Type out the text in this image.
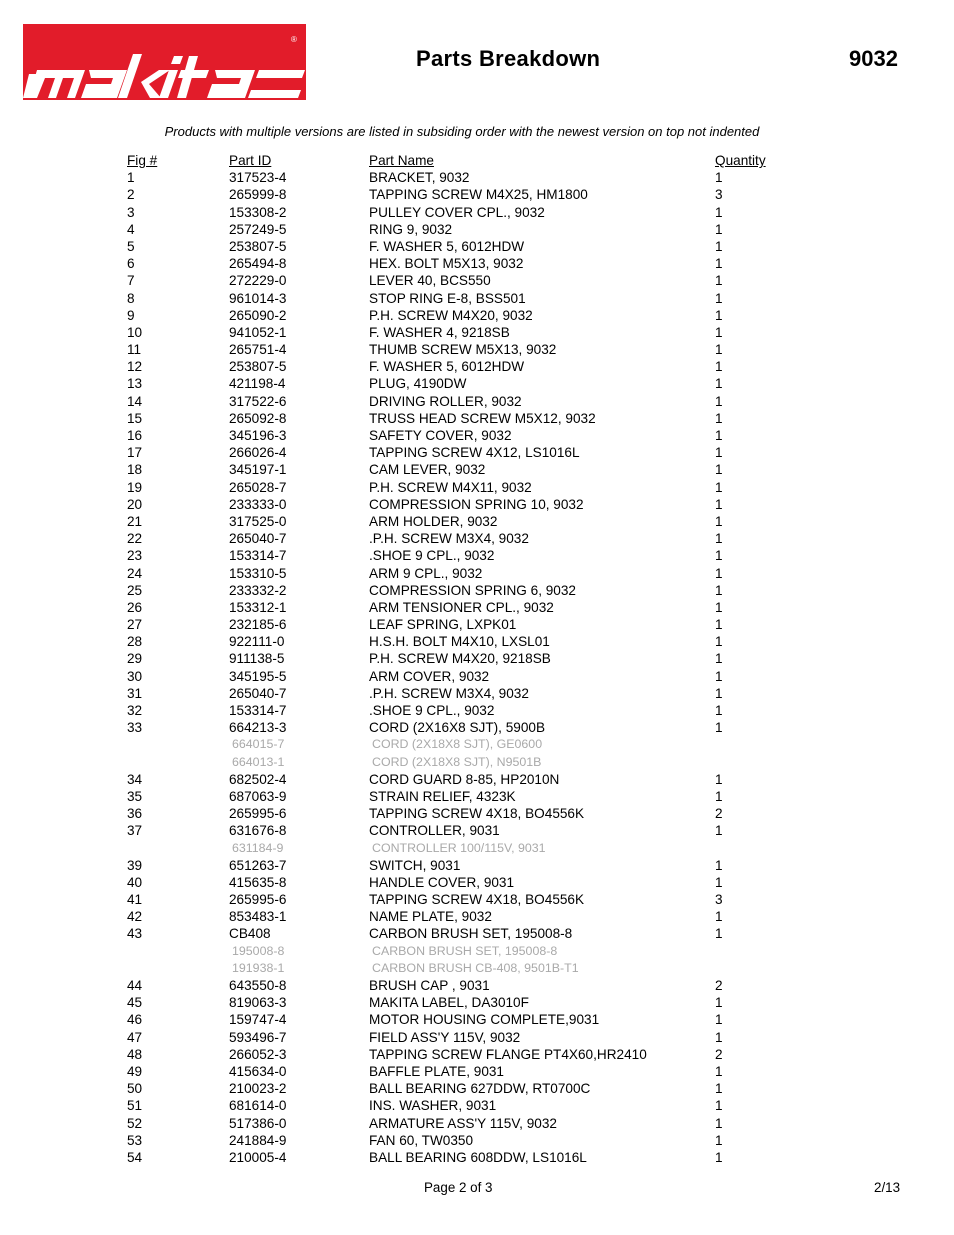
®
Parts Breakdown	9032
Products with multiple versions are listed in subsiding order with the newest version on top not indented
Fig #	Part ID	Part Name	Quantity
1	317523-4	BRACKET, 9032	1
2	265999-8	TAPPING SCREW M4X25, HM1800	3
3	153308-2	PULLEY COVER CPL., 9032	1
4	257249-5	RING 9, 9032	1
5	253807-5	F. WASHER 5, 6012HDW	1
6	265494-8	HEX. BOLT M5X13, 9032	1
7	272229-0	LEVER 40, BCS550	1
8	961014-3	STOP RING E-8, BSS501	1
9	265090-2	P.H. SCREW M4X20, 9032	1
10	941052-1	F. WASHER 4, 9218SB	1
11	265751-4	THUMB SCREW M5X13, 9032	1
12	253807-5	F. WASHER 5, 6012HDW	1
13	421198-4	PLUG, 4190DW	1
14	317522-6	DRIVING ROLLER, 9032	1
15	265092-8	TRUSS HEAD SCREW M5X12, 9032	1
16	345196-3	SAFETY COVER, 9032	1
17	266026-4	TAPPING SCREW 4X12, LS1016L	1
18	345197-1	CAM LEVER, 9032	1
19	265028-7	P.H. SCREW M4X11, 9032	1
20	233333-0	COMPRESSION SPRING 10, 9032	1
21	317525-0	ARM HOLDER, 9032	1
22	265040-7	.P.H. SCREW M3X4, 9032	1
23	153314-7	.SHOE 9 CPL., 9032	1
24	153310-5	ARM 9 CPL., 9032	1
25	233332-2	COMPRESSION SPRING 6, 9032	1
26	153312-1	ARM TENSIONER CPL., 9032	1
27	232185-6	LEAF SPRING, LXPK01	1
28	922111-0	H.S.H. BOLT M4X10, LXSL01	1
29	911138-5	P.H. SCREW M4X20, 9218SB	1
30	345195-5	ARM COVER, 9032	1
31	265040-7	.P.H. SCREW M3X4, 9032	1
32	153314-7	.SHOE 9 CPL., 9032	1
33	664213-3	CORD (2X16X8 SJT), 5900B	1
664015-7	CORD (2X18X8 SJT), GE0600
664013-1	CORD (2X18X8 SJT), N9501B
34	682502-4	CORD GUARD 8-85, HP2010N	1
35	687063-9	STRAIN RELIEF, 4323K	1
36	265995-6	TAPPING SCREW 4X18, BO4556K	2
37	631676-8	CONTROLLER, 9031	1
631184-9	CONTROLLER 100/115V, 9031
39	651263-7	SWITCH, 9031	1
40	415635-8	HANDLE COVER, 9031	1
41	265995-6	TAPPING SCREW 4X18, BO4556K	3
42	853483-1	NAME PLATE, 9032	1
43	CB408	CARBON BRUSH SET, 195008-8	1
195008-8	CARBON BRUSH SET, 195008-8
191938-1	CARBON BRUSH CB-408, 9501B-T1
44	643550-8	BRUSH CAP , 9031	2
45	819063-3	MAKITA LABEL, DA3010F	1
46	159747-4	MOTOR HOUSING COMPLETE,9031	1
47	593496-7	FIELD ASS'Y 115V, 9032	1
48	266052-3	TAPPING SCREW FLANGE PT4X60,HR2410	2
49	415634-0	BAFFLE PLATE, 9031	1
50	210023-2	BALL BEARING 627DDW, RT0700C	1
51	681614-0	INS. WASHER, 9031	1
52	517386-0	ARMATURE ASS'Y 115V, 9032	1
53	241884-9	FAN 60, TW0350	1
54	210005-4	BALL BEARING 608DDW, LS1016L	1
Page 2 of 3	2/13
